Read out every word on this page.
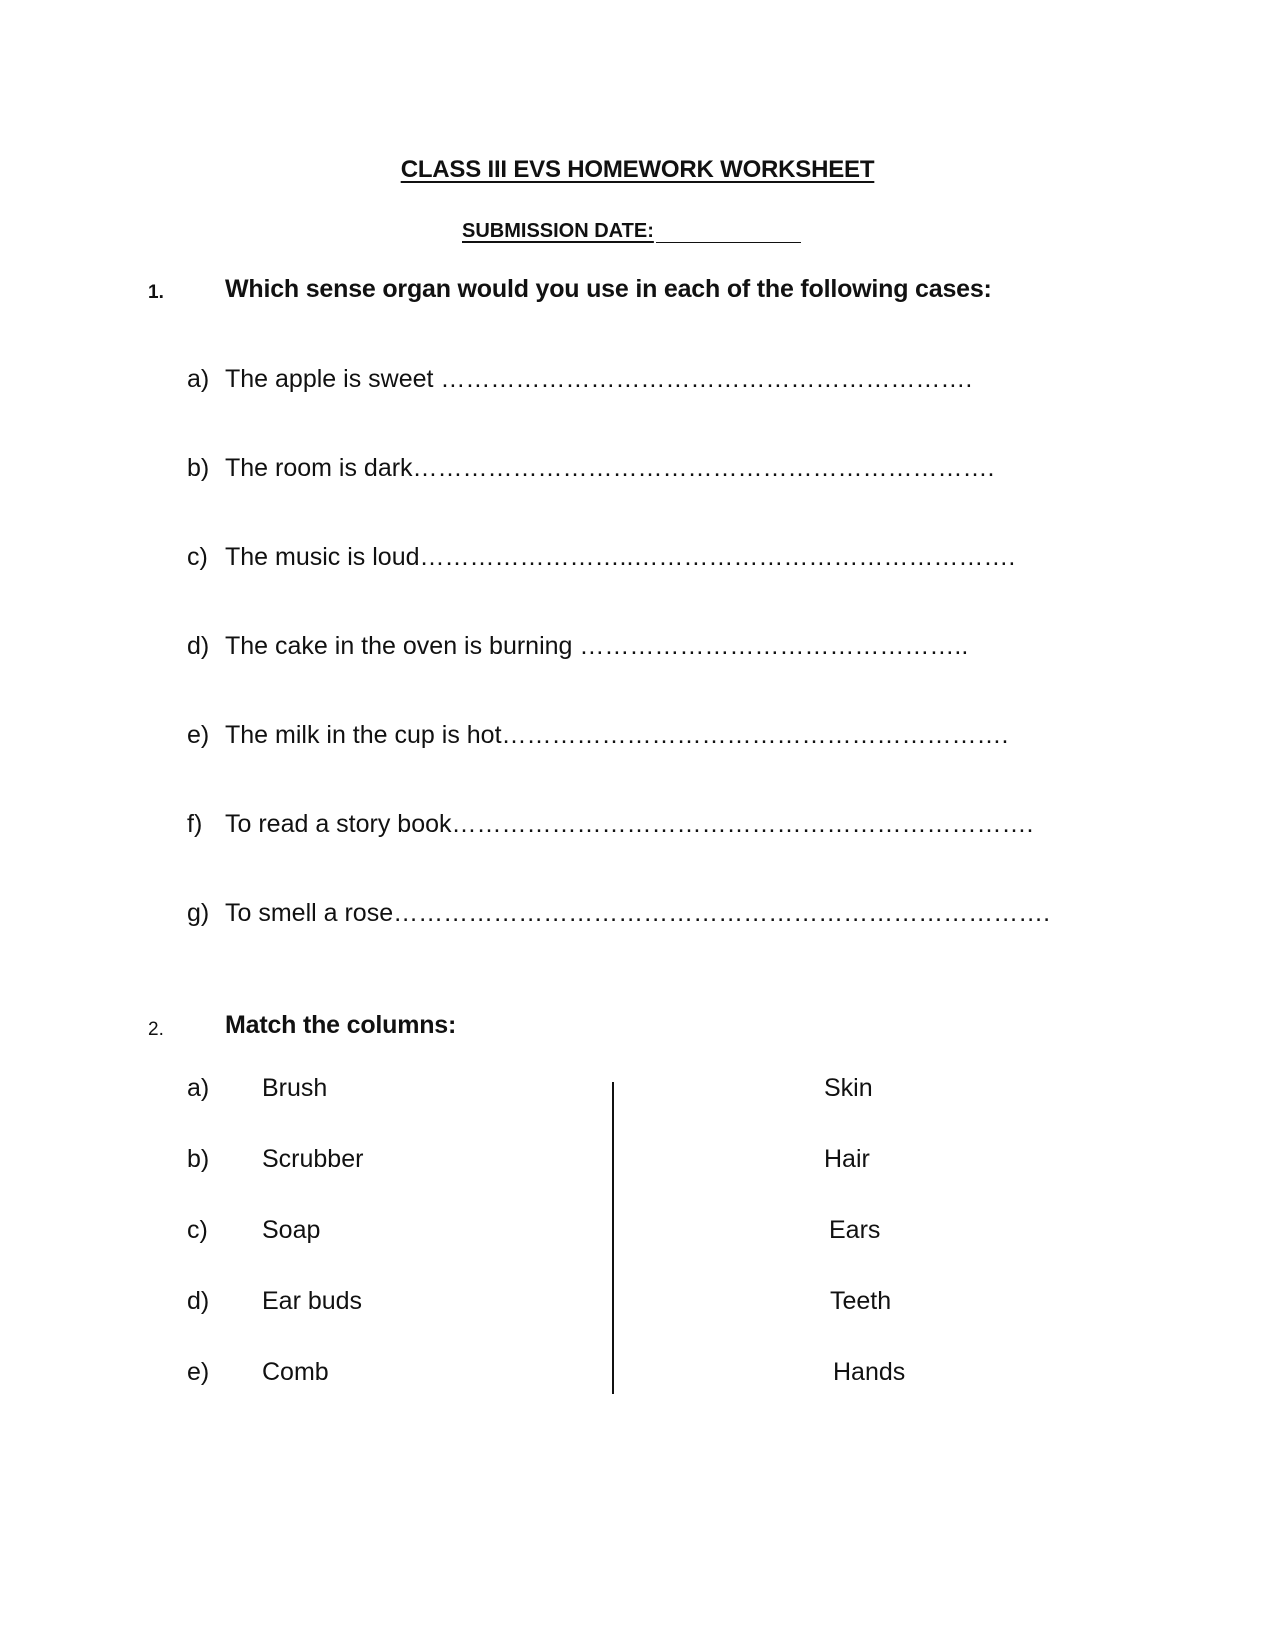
CLASS III EVS HOMEWORK WORKSHEET
SUBMISSION DATE:
1. Which sense organ would you use in each of the following cases:
a) The apple is sweet ……………………………………………………….
b) The room is dark…………………………………………………………….
c) The music is loud……………………..……………………………………….
d) The cake in the oven is burning ………………………………………..
e) The milk in the cup is hot…………………………………………………….
f) To read a story book…………………………………………………………….
g) To smell a rose…………………………………………………………………….
2. Match the columns:
a) Brush
b) Scrubber
c) Soap
d) Ear buds
e) Comb
Skin
Hair
Ears
Teeth
Hands
